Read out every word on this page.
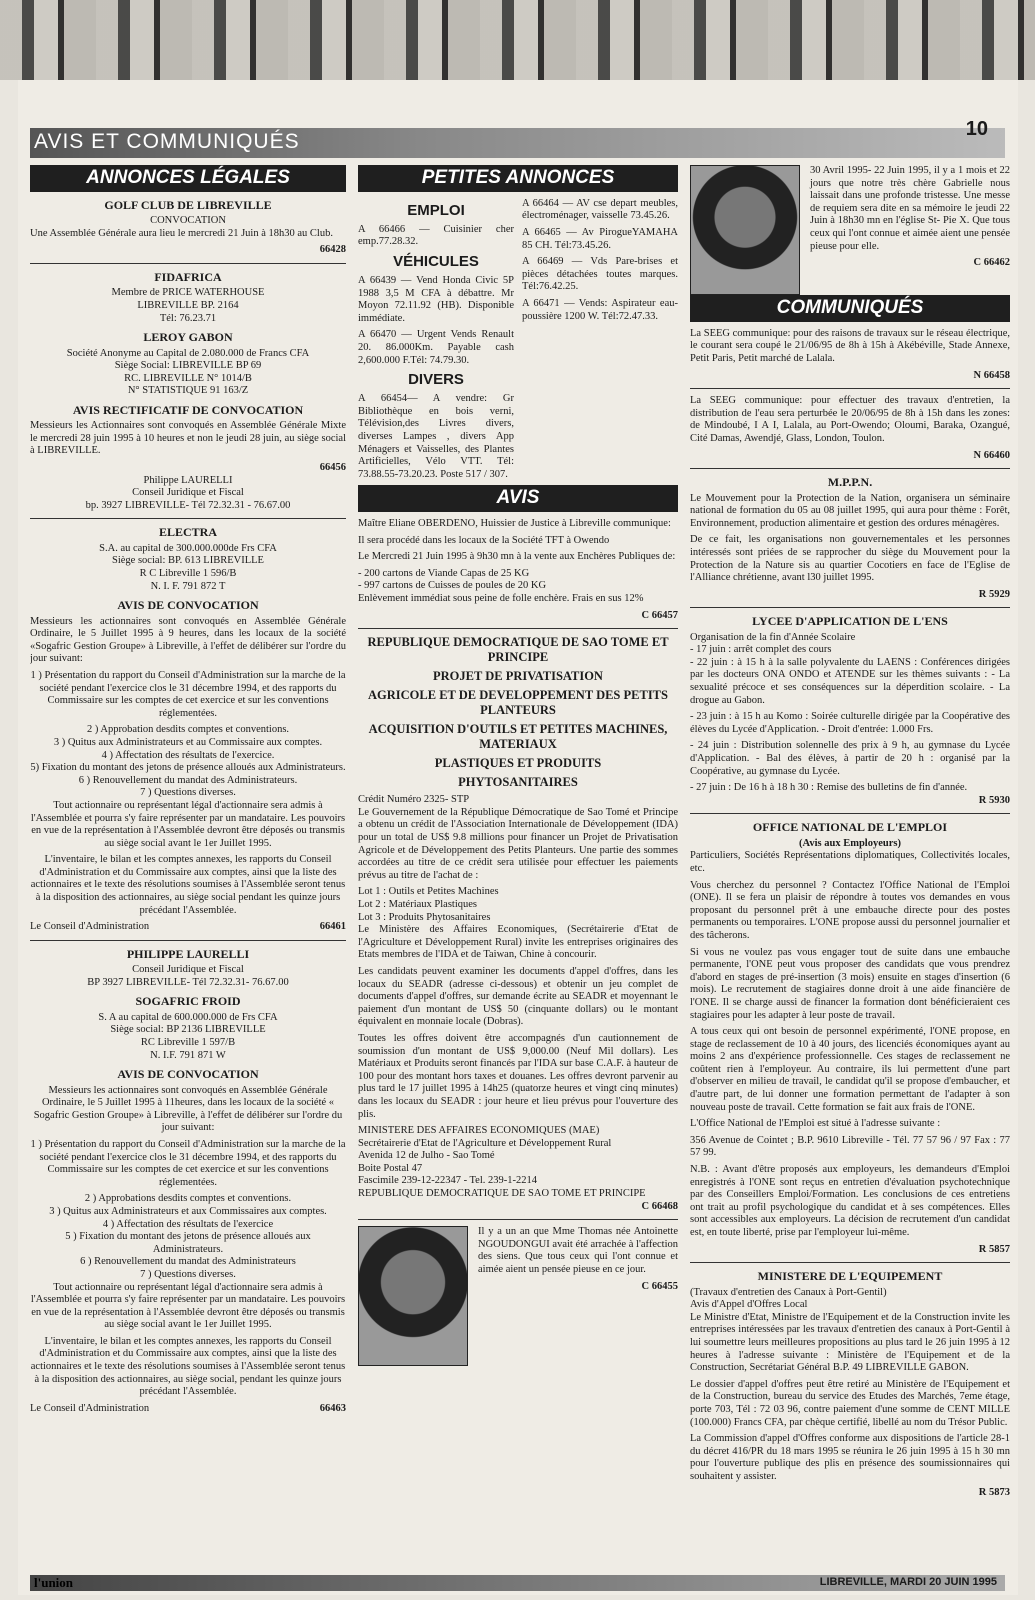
AVIS ET COMMUNIQUÉS
10
ANNONCES LÉGALES
GOLF CLUB DE LIBREVILLE
CONVOCATION

Une Assemblée Générale aura lieu le mercredi 21 Juin à 18h30 au Club.

66428
FIDAFRICA
Membre de PRICE WATERHOUSE
LIBREVILLE BP. 2164
Tél: 76.23.71
LEROY GABON
Société Anonyme au Capital de 2.080.000 de Francs CFA
Siège Social: LIBREVILLE BP 69
RC. LIBREVILLE N° 1014/B
N° STATISTIQUE 91 163/Z
AVIS RECTIFICATIF DE CONVOCATION

Messieurs les Actionnaires sont convoqués en Assemblée Générale Mixte le mercredi 28 juin 1995 à 10 heures et non le jeudi 28 juin, au siège social à LIBREVILLE.

66456
Philippe LAURELLI
Conseil Juridique et Fiscal
bp. 3927 LIBREVILLE- Tél 72.32.31 - 76.67.00
ELECTRA
S.A. au capital de 300.000.000de Frs CFA
Siège social: BP. 613 LIBREVILLE
R C Libreville 1 596/B
N. I. F. 791 872 T
AVIS DE CONVOCATION

Messieurs les actionnaires sont convoqués en Assemblée Générale Ordinaire, le 5 Juillet 1995 à 9 heures, dans les locaux de la société «Sogafric Gestion Groupe» à Libreville, à l'effet de délibérer sur l'ordre du jour suivant:

1 ) Présentation du rapport du Conseil d'Administration sur la marche de la société pendant l'exercice clos le 31 décembre 1994, et des rapports du Commissaire sur les comptes de cet exercice et sur les conventions réglementées.

2 ) Approbation desdits comptes et conventions.
3 ) Quitus aux Administrateurs et au Commissaire aux comptes.
4 ) Affectation des résultats de l'exercice.
5) Fixation du montant des jetons de présence alloués aux Administrateurs.
6 ) Renouvellement du mandat des Administrateurs.
7 ) Questions diverses.

Tout actionnaire ou représentant légal d'actionnaire sera admis à l'Assemblée et pourra s'y faire représenter par un mandataire. Les pouvoirs en vue de la représentation à l'Assemblée devront être déposés ou transmis au siège social avant le 1er Juillet 1995.

L'inventaire, le bilan et les comptes annexes, les rapports du Conseil d'Administration et du Commissaire aux comptes, ainsi que la liste des actionnaires et le texte des résolutions soumises à l'Assemblée seront tenus à la disposition des actionnaires, au siège social pendant les quinze jours précédant l'Assemblée.

Le Conseil d'Administration	66461
PHILIPPE LAURELLI
Conseil Juridique et Fiscal
BP 3927 LIBREVILLE- Tél 72.32.31- 76.67.00
SOGAFRIC FROID
S. A au capital de 600.000.000 de Frs CFA
Siège social: BP 2136 LIBREVILLE
RC Libreville 1 597/B
N. I.F. 791 871 W
AVIS DE CONVOCATION

Messieurs les actionnaires sont convoqués en Assemblée Générale Ordinaire, le 5 Juillet 1995 à 11heures, dans les locaux de la société « Sogafric Gestion Groupe» à Libreville, à l'effet de délibérer sur l'ordre du jour suivant:

1 ) Présentation du rapport du Conseil d'Administration sur la marche de la société pendant l'exercice clos le 31 décembre 1994, et des rapports du Commissaire sur les comptes de cet exercice et sur les conventions réglementées.

2 ) Approbations desdits comptes et conventions.
3 ) Quitus aux Administrateurs et aux Commissaires aux comptes.
4 ) Affectation des résultats de l'exercice
5 ) Fixation du montant des jetons de présence alloués aux Administrateurs.
6 ) Renouvellement du mandat des Administrateurs
7 ) Questions diverses.

Tout actionnaire ou représentant légal d'actionnaire sera admis à l'Assemblée et pourra s'y faire représenter par un mandataire. Les pouvoirs en vue de la représentation à l'Assemblée devront être déposés ou transmis au siège social avant le 1er Juillet 1995.

L'inventaire, le bilan et les comptes annexes, les rapports du Conseil d'Administration et du Commissaire aux comptes, ainsi que la liste des actionnaires et le texte des résolutions soumises à l'Assemblée seront tenus à la disposition des actionnaires, au siège social, pendant les quinze jours précédant l'Assemblée.

Le Conseil d'Administration	66463
PETITES ANNONCES
EMPLOI

A 66466 — Cuisinier cher emp.77.28.32.

VÉHICULES

A 66439 — Vend Honda Civic 5P 1988 3,5 M CFA à débattre. Mr Moyon 72.11.92 (HB). Disponible immédiate.

A 66470 — Urgent Vends Renault 20. 86.000Km. Payable cash 2,600.000 F.Tél: 74.79.30.

DIVERS

A 66454— A vendre: Gr Bibliothèque en bois verni, Télévision,des Livres divers, diverses Lampes , divers App Ménagers et Vaisselles, des Plantes Artificielles, Vélo VTT. Tél: 73.88.55-73.20.23. Poste 517 / 307.

A 66464 — AV cse depart meubles, électroménager, vaisselle 73.45.26.

A 66465 — Av PirogueYAMAHA 85 CH. Tél:73.45.26.

A 66469 — Vds Pare-brises et pièces détachées toutes marques. Tél:76.42.25.

A 66471 — Vends: Aspirateur eau- poussière 1200 W. Tél:72.47.33.

AVIS

Maître Eliane OBERDENO, Huissier de Justice à Libreville communique:

Il sera procédé dans les locaux de la Société TFT à Owendo

Le Mercredi 21 Juin 1995 à 9h30 mn à la vente aux Enchères Publiques de:

- 200 cartons de Viande Capas de 25 KG
- 997 cartons de Cuisses de poules de 20 KG

Enlèvement immédiat sous peine de folle enchère. Frais en sus 12%

C 66457
REPUBLIQUE DEMOCRATIQUE DE SAO TOME ET PRINCIPE
PROJET DE PRIVATISATION
AGRICOLE ET DE DEVELOPPEMENT DES PETITS PLANTEURS
ACQUISITION D'OUTILS ET PETITES MACHINES, MATERIAUX
PLASTIQUES ET PRODUITS
PHYTOSANITAIRES
Crédit Numéro 2325- STP

Le Gouvernement de la République Démocratique de Sao Tomé et Principe a obtenu un crédit de l'Association Internationale de Développement (IDA) pour un total de US$ 9.8 millions pour financer un Projet de Privatisation Agricole et de Développement des Petits Planteurs. Une partie des sommes accordées au titre de ce crédit sera utilisée pour effectuer les paiements prévus au titre de l'achat de :

Lot 1 : Outils et Petites Machines
Lot 2 : Matériaux Plastiques
Lot 3 : Produits Phytosanitaires

Le Ministère des Affaires Economiques, (Secrétairerie d'Etat de l'Agriculture et Développement Rural) invite les entreprises originaires des Etats membres de l'IDA et de Taiwan, Chine à concourir.

Les candidats peuvent examiner les documents d'appel d'offres, dans les locaux du SEADR (adresse ci-dessous) et obtenir un jeu complet de documents d'appel d'offres, sur demande écrite au SEADR et moyennant le paiement d'un montant de US$ 50 (cinquante dollars) ou le montant équivalent en monnaie locale (Dobras).

Toutes les offres doivent être accompagnés d'un cautionnement de soumission d'un montant de US$ 9,000.00 (Neuf Mil dollars). Les Matériaux et Produits seront financés par l'IDA sur base C.A.F. à hauteur de 100 pour des montant hors taxes et douanes. Les offres devront parvenir au plus tard le 17 juillet 1995 à 14h25 (quatorze heures et vingt cinq minutes) dans les locaux du SEADR : jour heure et lieu prévus pour l'ouverture des plis.

MINISTERE DES AFFAIRES ECONOMIQUES (MAE)
Secrétairerie d'Etat de l'Agriculture et Développement Rural
Avenida 12 de Julho - Sao Tomé
Boite Postal 47
Fascimile 239-12-22347 - Tel. 239-1-2214
REPUBLIQUE DEMOCRATIQUE DE SAO TOME ET PRINCIPE
C 66468

Il y a un an que Mme Thomas née Antoinette NGOUDONGUI avait été arrachée à l'affection des siens. Que tous ceux qui l'ont connue et aimée aient un pensée pieuse en ce jour.

C 66455

30 Avril 1995- 22 Juin 1995, il y a 1 mois et 22 jours que notre très chère Gabrielle nous laissait dans une profonde tristesse. Une messe de requiem sera dite en sa mémoire le jeudi 22 Juin à 18h30 mn en l'église St- Pie X. Que tous ceux qui l'ont connue et aimée aient une pensée pieuse pour elle.

C 66462
COMMUNIQUÉS

La SEEG communique: pour des raisons de travaux sur le réseau électrique, le courant sera coupé le 21/06/95 de 8h à 15h à Akébéville, Stade Annexe, Petit Paris, Petit marché de Lalala.

N 66458

La SEEG communique: pour effectuer des travaux d'entretien, la distribution de l'eau sera perturbée le 20/06/95 de 8h à 15h dans les zones: de Mindoubé, I A I, Lalala, au Port-Owendo; Oloumi, Baraka, Ozangué, Cité Damas, Awendjé, Glass, London, Toulon.

N 66460
M.P.P.N.

Le Mouvement pour la Protection de la Nation, organisera un séminaire national de formation du 05 au 08 juillet 1995, qui aura pour thème : Forêt, Environnement, production alimentaire et gestion des ordures ménagères.

De ce fait, les organisations non gouvernementales et les personnes intéressés sont priées de se rapprocher du siège du Mouvement pour la Protection de la Nature sis au quartier Cocotiers en face de l'Eglise de l'Alliance chrétienne, avant l30 juillet 1995.

R 5929
LYCEE D'APPLICATION DE L'ENS
Organisation de la fin d'Année Scolaire
- 17 juin : arrêt complet des cours

- 22 juin : à 15 h à la salle polyvalente du LAENS : Conférences dirigées par les docteurs ONA ONDO et ATENDE sur les thèmes suivants : - La sexualité précoce et ses conséquences sur la déperdition scolaire. - La drogue au Gabon.

- 23 juin : à 15 h au Komo : Soirée culturelle dirigée par la Coopérative des élèves du Lycée d'Application. - Droit d'entrée: 1.000 Frs.

- 24 juin : Distribution solennelle des prix à 9 h, au gymnase du Lycée d'Application. - Bal des élèves, à partir de 20 h : organisé par la Coopérative, au gymnase du Lycée.

- 27 juin : De 16 h à 18 h 30 : Remise des bulletins de fin d'année.
R 5930
OFFICE NATIONAL DE L'EMPLOI
(Avis aux Employeurs)

Particuliers, Sociétés Représentations diplomatiques, Collectivités locales, etc.

Vous cherchez du personnel ? Contactez l'Office National de l'Emploi (ONE). Il se fera un plaisir de répondre à toutes vos demandes en vous proposant du personnel prêt à une embauche directe pour des postes permanents ou temporaires. L'ONE propose aussi du personnel journalier et des tâcherons.

Si vous ne voulez pas vous engager tout de suite dans une embauche permanente, l'ONE peut vous proposer des candidats que vous prendrez d'abord en stages de pré-insertion (3 mois) ensuite en stages d'insertion (6 mois). Le recrutement de stagiaires donne droit à une aide financière de l'ONE. Il se charge aussi de financer la formation dont bénéficieraient ces stagiaires pour les adapter à leur poste de travail.

A tous ceux qui ont besoin de personnel expérimenté, l'ONE propose, en stage de reclassement de 10 à 40 jours, des licenciés économiques ayant au moins 2 ans d'expérience professionnelle. Ces stages de reclassement ne coûtent rien à l'employeur. Au contraire, ils lui permettent d'une part d'observer en milieu de travail, le candidat qu'il se propose d'embaucher, et d'autre part, de lui donner une formation permettant de l'adapter à son nouveau poste de travail. Cette formation se fait aux frais de l'ONE.

L'Office National de l'Emploi est situé à l'adresse suivante :

356 Avenue de Cointet ; B.P. 9610 Libreville - Tél. 77 57 96 / 97 Fax : 77 57 99.

N.B. : Avant d'être proposés aux employeurs, les demandeurs d'Emploi enregistrés à l'ONE sont reçus en entretien d'évaluation psychotechnique par des Conseillers Emploi/Formation. Les conclusions de ces entretiens ont trait au profil psychologique du candidat et à ses compétences. Elles sont accessibles aux employeurs. La décision de recrutement d'un candidat est, en toute liberté, prise par l'employeur lui-même.

R 5857
MINISTERE DE L'EQUIPEMENT
(Travaux d'entretien des Canaux à Port-Gentil)
Avis d'Appel d'Offres Local

Le Ministre d'Etat, Ministre de l'Equipement et de la Construction invite les entreprises intéressées par les travaux d'entretien des canaux à Port-Gentil à lui soumettre leurs meilleures propositions au plus tard le 26 juin 1995 à 12 heures à l'adresse suivante : Ministère de l'Equipement et de la Construction, Secrétariat Général B.P. 49 LIBREVILLE GABON.

Le dossier d'appel d'offres peut être retiré au Ministère de l'Equipement et de la Construction, bureau du service des Etudes des Marchés, 7eme étage, porte 703, Tél : 72 03 96, contre paiement d'une somme de CENT MILLE (100.000) Francs CFA, par chèque certifié, libellé au nom du Trésor Public.

La Commission d'appel d'Offres conforme aux dispositions de l'article 28-1 du décret 416/PR du 18 mars 1995 se réunira le 26 juin 1995 à 15 h 30 mn pour l'ouverture publique des plis en présence des soumissionnaires qui souhaitent y assister.

R 5873
l'union	LIBREVILLE, MARDI 20 JUIN 1995
